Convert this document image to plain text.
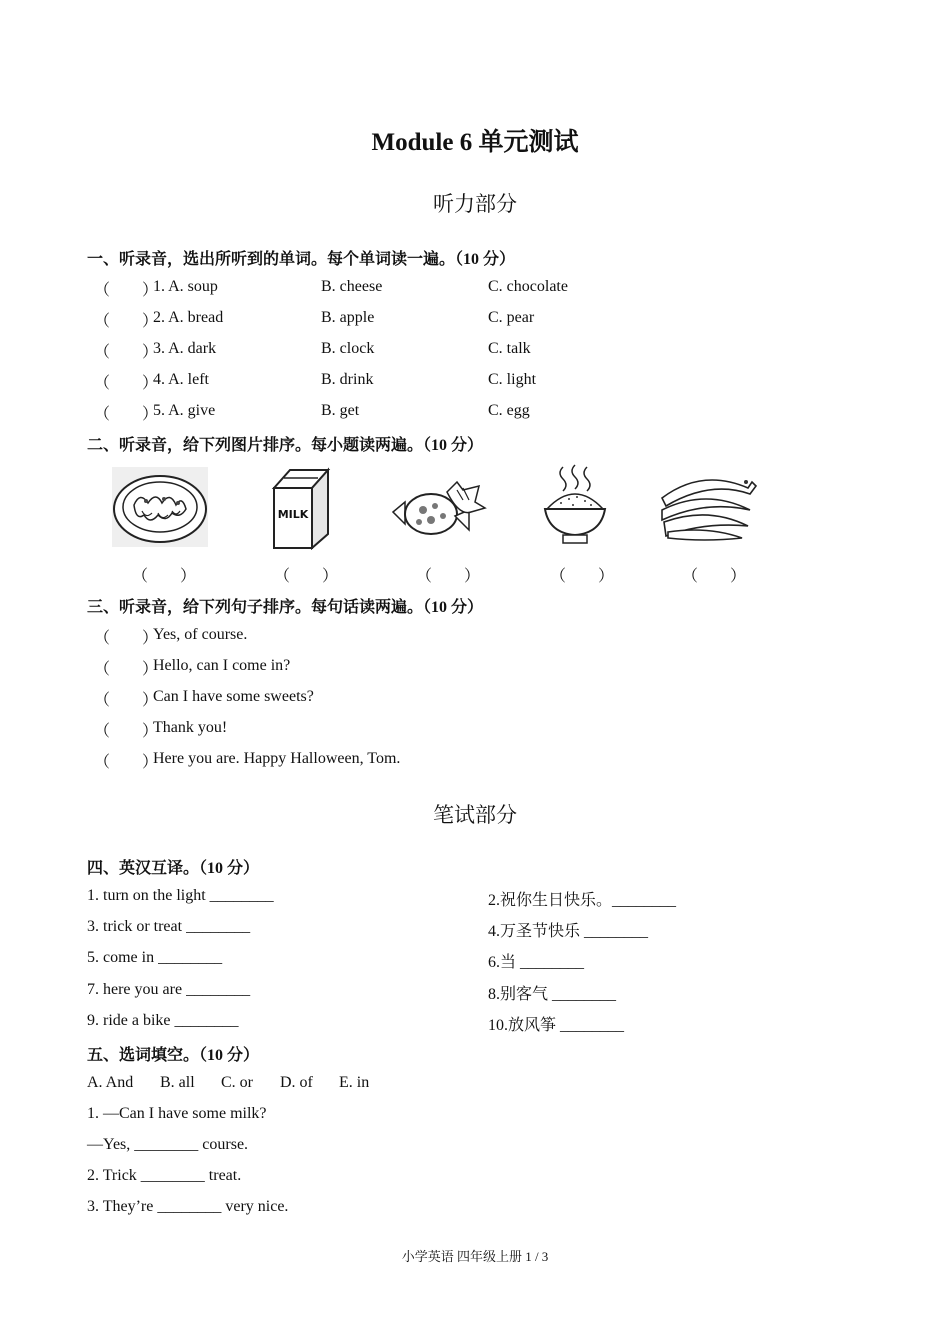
Module 6 单元测试
听力部分
一、听录音，选出所听到的单词。每个单词读一遍。（10 分）
（　　）
1. A. soup	B. cheese	C. chocolate
（　　）
2. A. bread	B. apple	C. pear
（　　）
3. A. dark	B. clock	C. talk
（　　）
4. A. left	B. drink	C. light
（　　）
5. A. give	B. get	C. egg
二、听录音，给下列图片排序。每小题读两遍。（10 分）
MILK
（　　）	（　　）	（　　）	（　　）	（　　）
三、听录音，给下列句子排序。每句话读两遍。（10 分）
（　　）
Yes, of course.
（　　）
Hello, can I come in?
（　　）
Can I have some sweets?
（　　）
Thank you!
（　　）
Here you are. Happy Halloween, Tom.
笔试部分
四、英汉互译。（10 分）
1. turn on the light ________	2.祝你生日快乐。________
3. trick or treat ________	4.万圣节快乐 ________
5. come in ________	6.当 ________
7. here you are ________	8.别客气 ________
9. ride a bike ________	10.放风筝 ________
五、选词填空。（10 分）
A. And B. all C. or D. of E. in
1. —Can I have some milk?
—Yes, ________ course.
2. Trick ________ treat.
3. They’re ________ very nice.
小学英语 四年级上册 1 / 3
